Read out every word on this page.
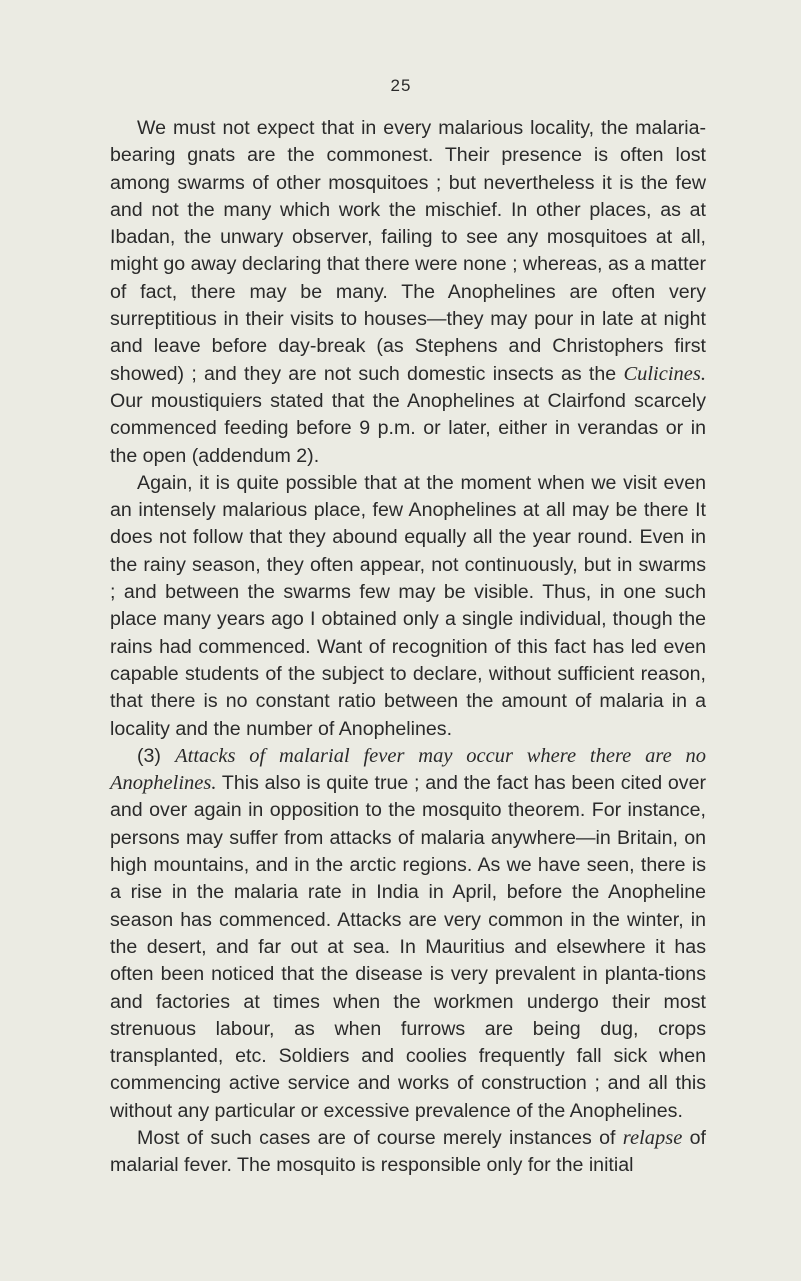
25

We must not expect that in every malarious locality, the malaria-bearing gnats are the commonest. Their presence is often lost among swarms of other mosquitoes ; but nevertheless it is the few and not the many which work the mischief. In other places, as at Ibadan, the unwary observer, failing to see any mosquitoes at all, might go away declaring that there were none ; whereas, as a matter of fact, there may be many. The Anophelines are often very surreptitious in their visits to houses—they may pour in late at night and leave before day-break (as Stephens and Christophers first showed) ; and they are not such domestic insects as the Culicines. Our moustiquiers stated that the Anophelines at Clairfond scarcely commenced feeding before 9 p.m. or later, either in verandas or in the open (addendum 2).

Again, it is quite possible that at the moment when we visit even an intensely malarious place, few Anophelines at all may be there It does not follow that they abound equally all the year round. Even in the rainy season, they often appear, not continuously, but in swarms ; and between the swarms few may be visible. Thus, in one such place many years ago I obtained only a single individual, though the rains had commenced. Want of recognition of this fact has led even capable students of the subject to declare, without sufficient reason, that there is no constant ratio between the amount of malaria in a locality and the number of Anophelines.

(3) Attacks of malarial fever may occur where there are no Anophelines. This also is quite true ; and the fact has been cited over and over again in opposition to the mosquito theorem. For instance, persons may suffer from attacks of malaria anywhere—in Britain, on high mountains, and in the arctic regions. As we have seen, there is a rise in the malaria rate in India in April, before the Anopheline season has commenced. Attacks are very common in the winter, in the desert, and far out at sea. In Mauritius and elsewhere it has often been noticed that the disease is very prevalent in planta-tions and factories at times when the workmen undergo their most strenuous labour, as when furrows are being dug, crops transplanted, etc. Soldiers and coolies frequently fall sick when commencing active service and works of construction ; and all this without any particular or excessive prevalence of the Anophelines.

Most of such cases are of course merely instances of relapse of malarial fever. The mosquito is responsible only for the initial
